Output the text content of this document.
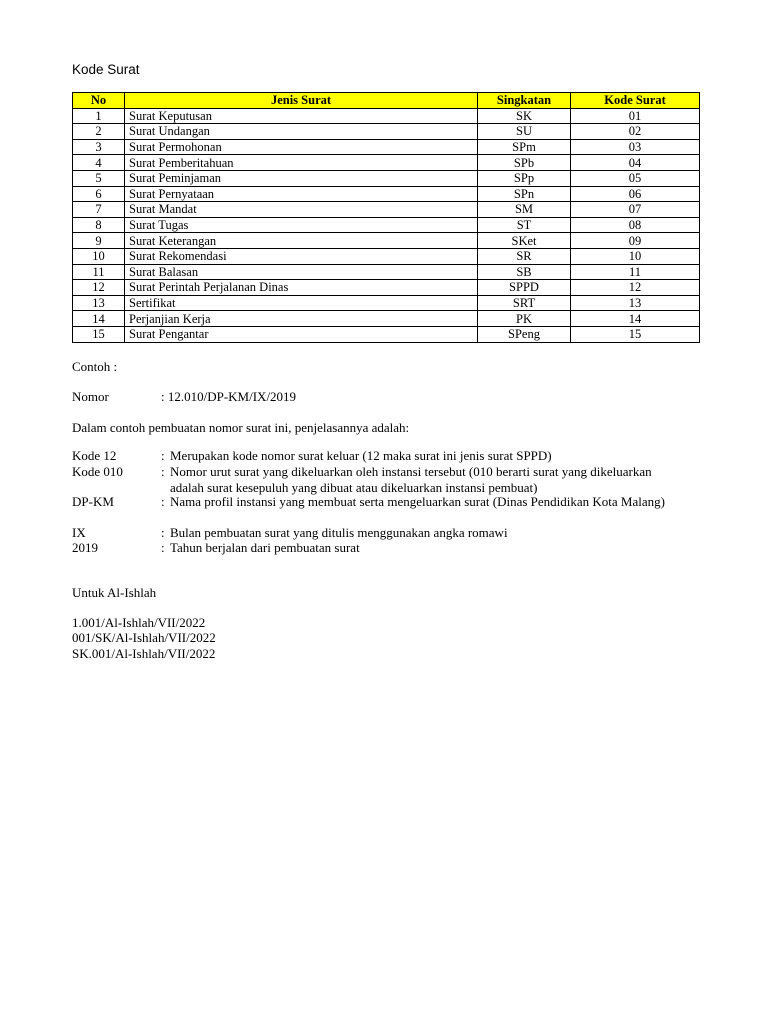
Kode Surat
No	Jenis Surat	Singkatan	Kode Surat
1	Surat Keputusan	SK	01
2	Surat Undangan	SU	02
3	Surat Permohonan	SPm	03
4	Surat Pemberitahuan	SPb	04
5	Surat Peminjaman	SPp	05
6	Surat Pernyataan	SPn	06
7	Surat Mandat	SM	07
8	Surat Tugas	ST	08
9	Surat Keterangan	SKet	09
10	Surat Rekomendasi	SR	10
11	Surat Balasan	SB	11
12	Surat Perintah Perjalanan Dinas	SPPD	12
13	Sertifikat	SRT	13
14	Perjanjian Kerja	PK	14
15	Surat Pengantar	SPeng	15
Contoh :
Nomor	: 12.010/DP-KM/IX/2019
Dalam contoh pembuatan nomor surat ini, penjelasannya adalah:
Kode 12	: Merupakan kode nomor surat keluar (12 maka surat ini jenis surat SPPD)
Kode 010	: Nomor urut surat yang dikeluarkan oleh instansi tersebut (010 berarti surat yang dikeluarkan adalah surat kesepuluh yang dibuat atau dikeluarkan instansi pembuat)
DP-KM	: Nama profil instansi yang membuat serta mengeluarkan surat (Dinas Pendidikan Kota Malang)
IX	: Bulan pembuatan surat yang ditulis menggunakan angka romawi
2019	: Tahun berjalan dari pembuatan surat
Untuk Al-Ishlah
1.001/Al-Ishlah/VII/2022
001/SK/Al-Ishlah/VII/2022
SK.001/Al-Ishlah/VII/2022
